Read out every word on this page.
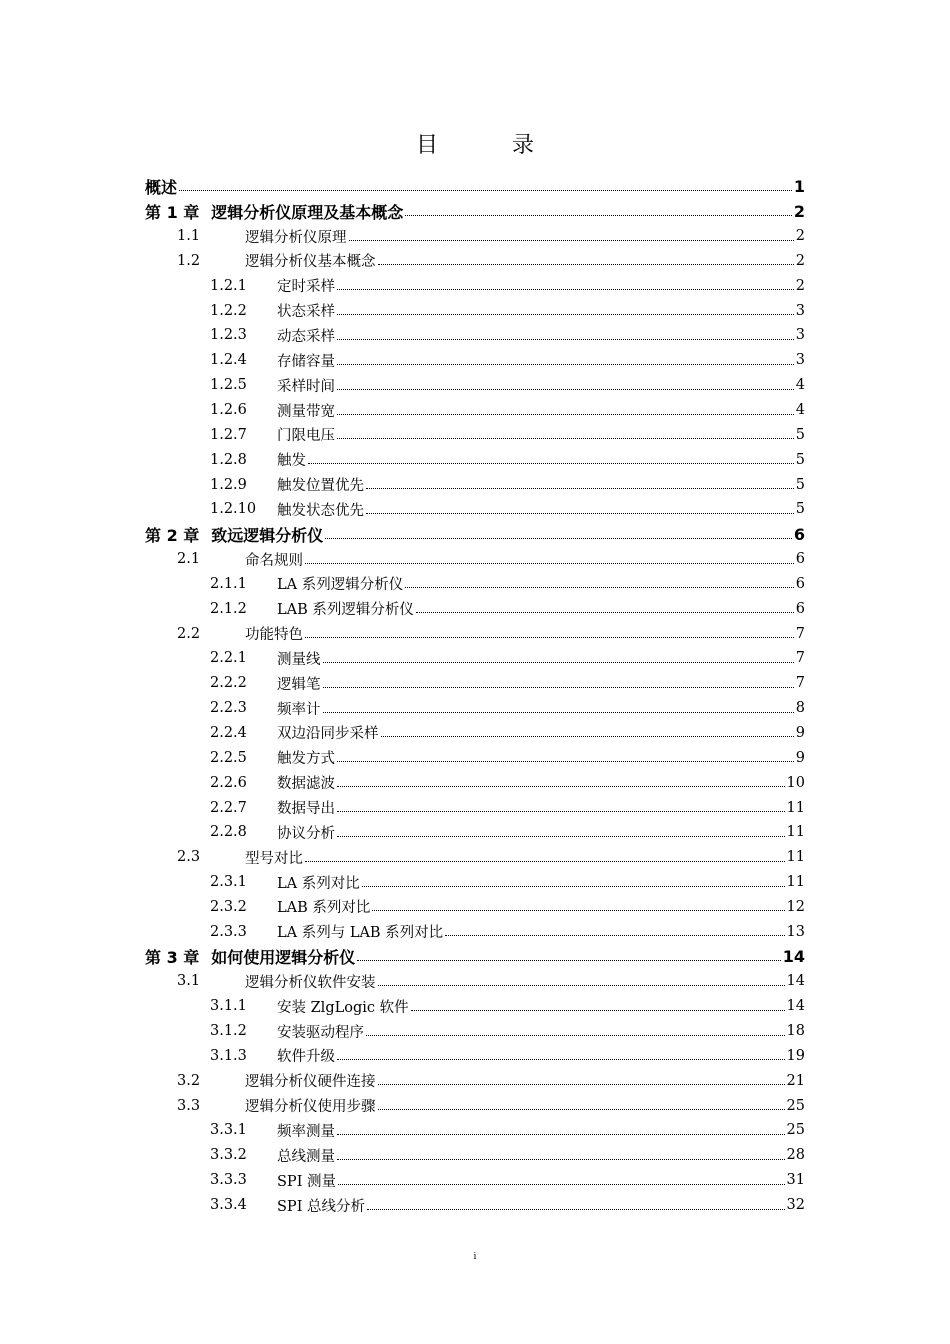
目　录
概述	1
第 1 章 逻辑分析仪原理及基本概念	2
1.1	逻辑分析仪原理	2
1.2	逻辑分析仪基本概念	2
1.2.1 定时采样	2
1.2.2 状态采样	3
1.2.3 动态采样	3
1.2.4 存储容量	3
1.2.5 采样时间	4
1.2.6 测量带宽	4
1.2.7 门限电压	5
1.2.8 触发	5
1.2.9 触发位置优先	5
1.2.10 触发状态优先	5
第 2 章 致远逻辑分析仪	6
2.1	命名规则	6
2.1.1 LA 系列逻辑分析仪	6
2.1.2 LAB 系列逻辑分析仪	6
2.2	功能特色	7
2.2.1 测量线	7
2.2.2 逻辑笔	7
2.2.3 频率计	8
2.2.4 双边沿同步采样	9
2.2.5 触发方式	9
2.2.6 数据滤波	10
2.2.7 数据导出	11
2.2.8 协议分析	11
2.3	型号对比	11
2.3.1 LA 系列对比	11
2.3.2 LAB 系列对比	12
2.3.3 LA 系列与 LAB 系列对比	13
第 3 章 如何使用逻辑分析仪	14
3.1	逻辑分析仪软件安装	14
3.1.1 安装 ZlgLogic 软件	14
3.1.2 安装驱动程序	18
3.1.3 软件升级	19
3.2	逻辑分析仪硬件连接	21
3.3	逻辑分析仪使用步骤	25
3.3.1 频率测量	25
3.3.2 总线测量	28
3.3.3 SPI 测量	31
3.3.4 SPI 总线分析	32
i
